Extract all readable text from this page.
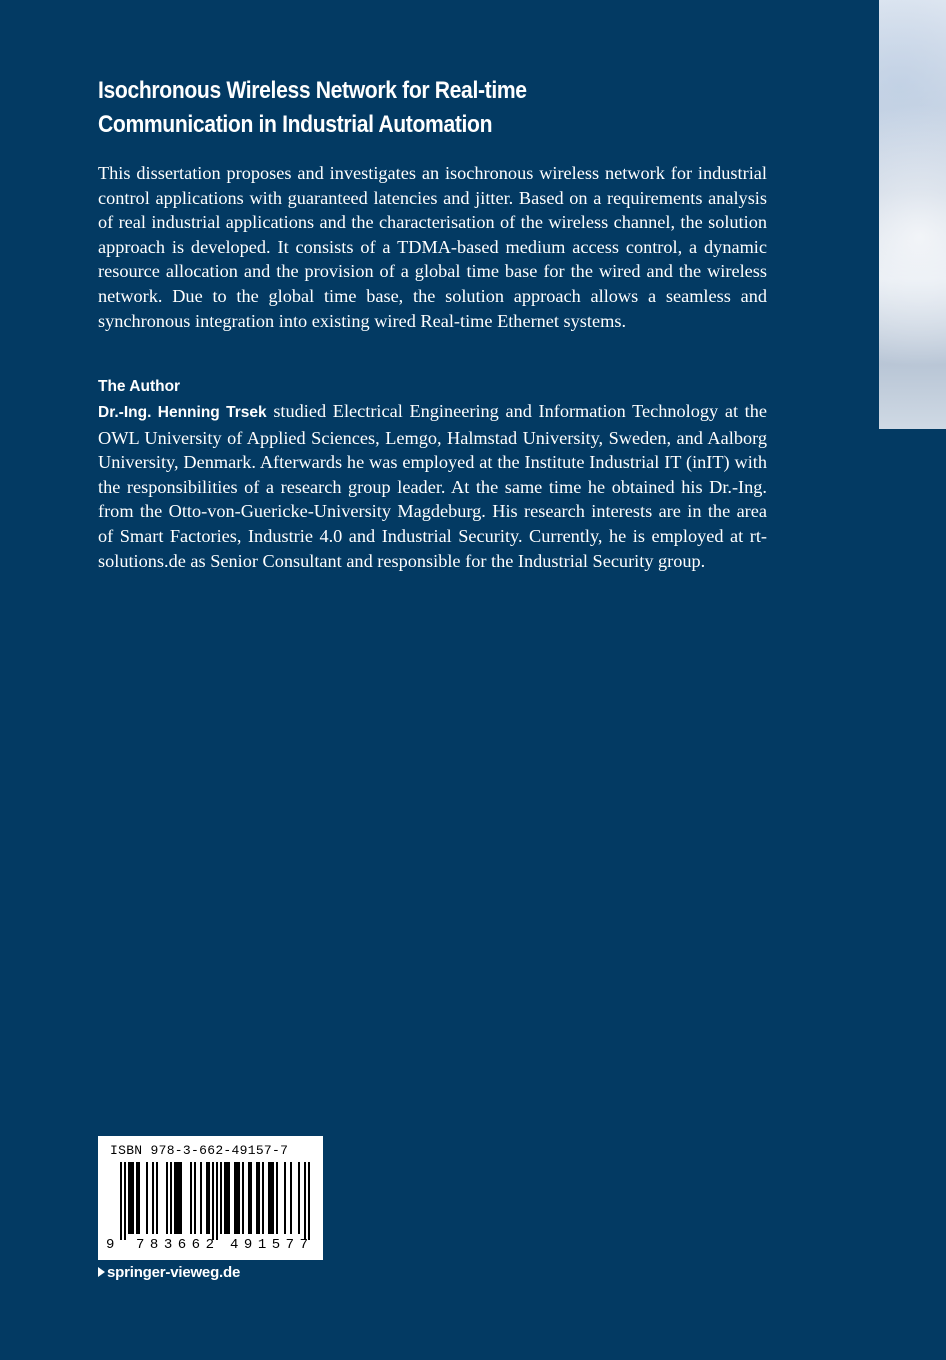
Isochronous Wireless Network for Real-time
Communication in Industrial Automation

This dissertation proposes and investigates an isochronous wireless network for industrial control applications with guaranteed latencies and jitter. Based on a requirements analysis of real industrial applications and the characterisation of the wireless channel, the solution approach is developed. It consists of a TDMA-based medium access control, a dynamic resource allocation and the provision of a global time base for the wired and the wireless network. Due to the global time base, the solution approach allows a seamless and synchronous integration into existing wired Real-time Ethernet systems.

The Author

Dr.-Ing. Henning Trsek studied Electrical Engineering and Information Technology at the OWL University of Applied Sciences, Lemgo, Halmstad University, Sweden, and Aalborg University, Denmark. Afterwards he was employed at the Institute Industrial IT (inIT) with the responsibilities of a research group leader. At the same time he obtained his Dr.-Ing. from the Otto-von-Guericke-University Magdeburg. His research interests are in the area of Smart Factories, Industrie 4.0 and Industrial Security. Currently, he is employed at rt-solutions.de as Senior Consultant and responsible for the Industrial Security group.

ISBN 978-3-662-49157-7
9 783662 491577
springer-vieweg.de
